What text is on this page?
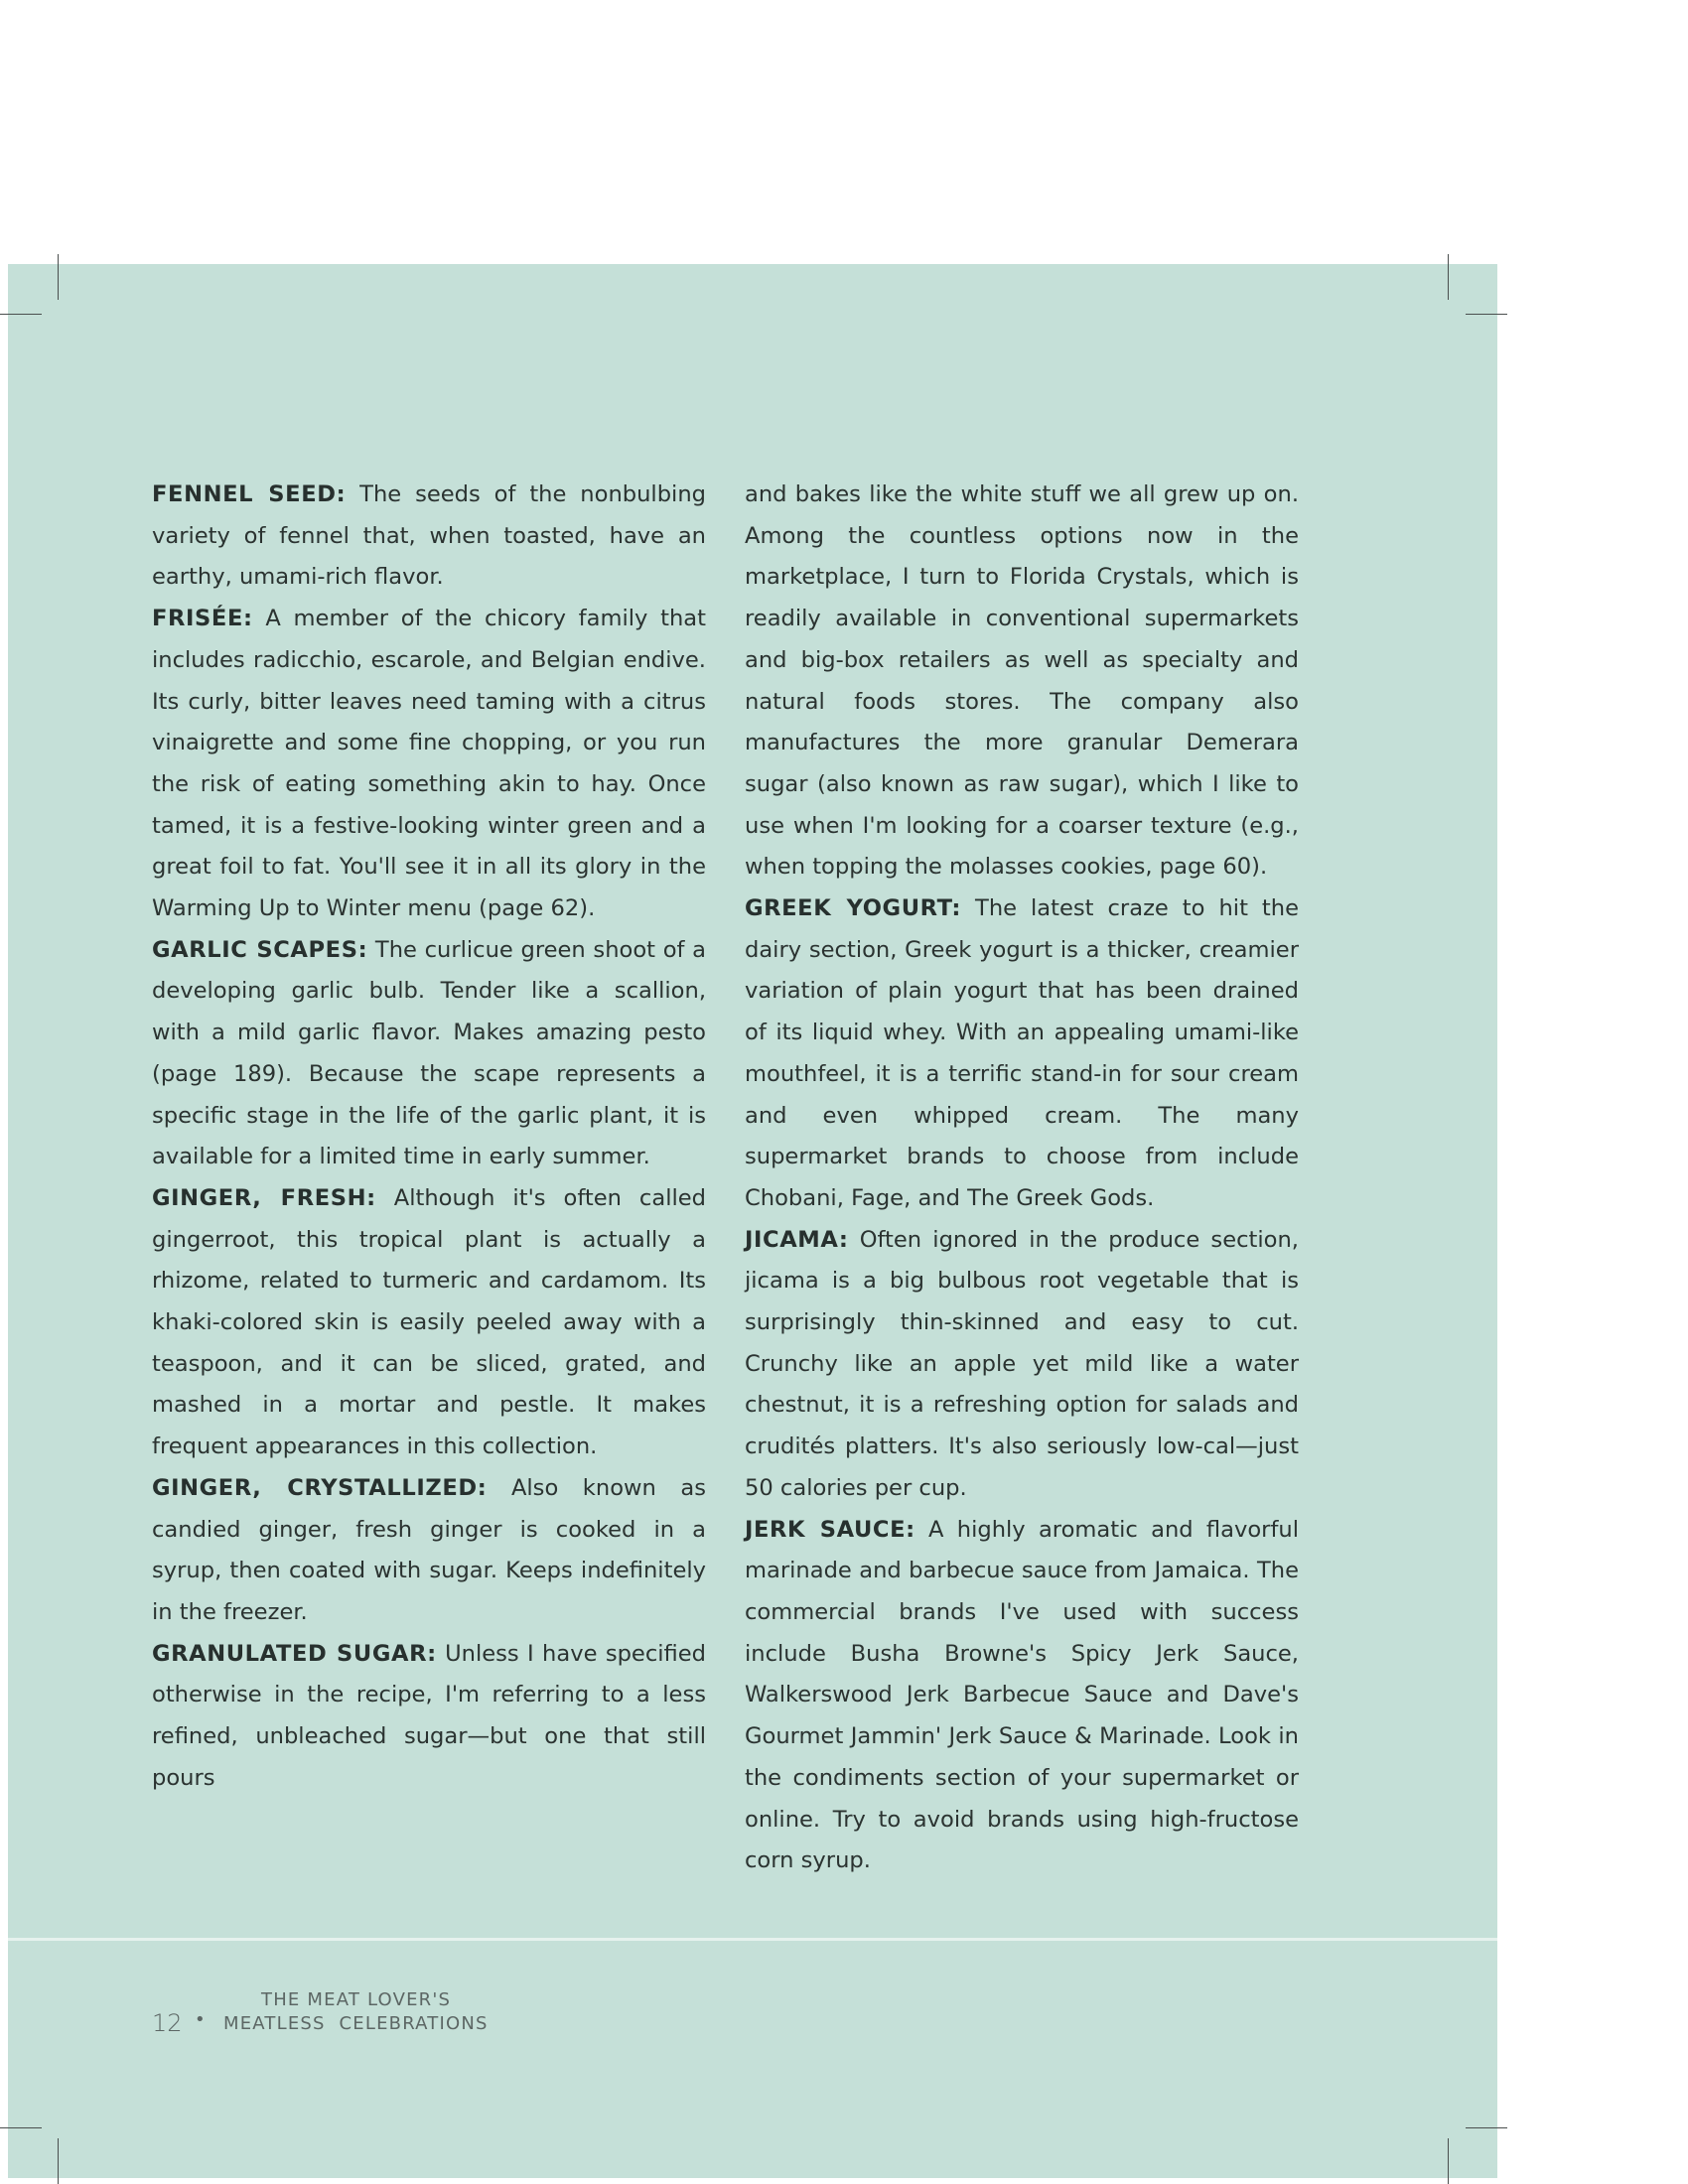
FENNEL SEED: The seeds of the nonbulbing variety of fennel that, when toasted, have an earthy, umami-rich flavor.

FRISÉE: A member of the chicory family that includes radicchio, escarole, and Belgian endive. Its curly, bitter leaves need taming with a citrus vinaigrette and some fine chopping, or you run the risk of eating something akin to hay. Once tamed, it is a festive-looking winter green and a great foil to fat. You'll see it in all its glory in the Warming Up to Winter menu (page 62).

GARLIC SCAPES: The curlicue green shoot of a developing garlic bulb. Tender like a scallion, with a mild garlic flavor. Makes amazing pesto (page 189). Because the scape represents a specific stage in the life of the garlic plant, it is available for a limited time in early summer.

GINGER, FRESH: Although it's often called gingerroot, this tropical plant is actually a rhizome, related to turmeric and cardamom. Its khaki-colored skin is easily peeled away with a teaspoon, and it can be sliced, grated, and mashed in a mortar and pestle. It makes frequent appearances in this collection.

GINGER, CRYSTALLIZED: Also known as candied ginger, fresh ginger is cooked in a syrup, then coated with sugar. Keeps indefinitely in the freezer.

GRANULATED SUGAR: Unless I have specified otherwise in the recipe, I'm referring to a less refined, unbleached sugar—but one that still pours

and bakes like the white stuff we all grew up on. Among the countless options now in the marketplace, I turn to Florida Crystals, which is readily available in conventional supermarkets and big-box retailers as well as specialty and natural foods stores. The company also manufactures the more granular Demerara sugar (also known as raw sugar), which I like to use when I'm looking for a coarser texture (e.g., when topping the molasses cookies, page 60).

GREEK YOGURT: The latest craze to hit the dairy section, Greek yogurt is a thicker, creamier variation of plain yogurt that has been drained of its liquid whey. With an appealing umami-like mouthfeel, it is a terrific stand-in for sour cream and even whipped cream. The many supermarket brands to choose from include Chobani, Fage, and The Greek Gods.

JICAMA: Often ignored in the produce section, jicama is a big bulbous root vegetable that is surprisingly thin-skinned and easy to cut. Crunchy like an apple yet mild like a water chestnut, it is a refreshing option for salads and crudités platters. It's also seriously low-cal—just 50 calories per cup.

JERK SAUCE: A highly aromatic and flavorful marinade and barbecue sauce from Jamaica. The commercial brands I've used with success include Busha Browne's Spicy Jerk Sauce, Walkerswood Jerk Barbecue Sauce and Dave's Gourmet Jammin' Jerk Sauce & Marinade. Look in the condiments section of your supermarket or online. Try to avoid brands using high-fructose corn syrup.

12 •
THE MEAT LOVER'S
MEATLESS  CELEBRATIONS
